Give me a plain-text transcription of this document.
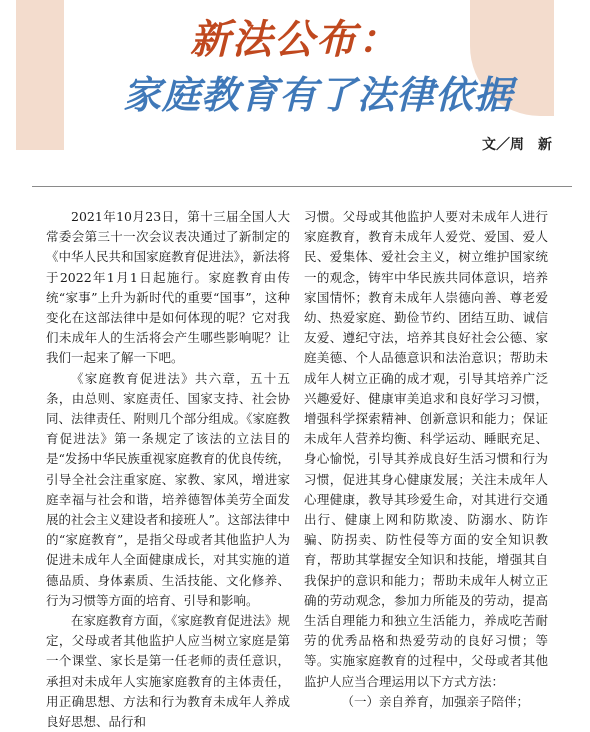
新法公布：
家庭教育有了法律依据
文／周　新

2021年10月23日，第十三届全国人大常委会第三十一次会议表决通过了新制定的《中华人民共和国家庭教育促进法》，新法将于2022年1月1日起施行。家庭教育由传统“家事”上升为新时代的重要“国事”，这种变化在这部法律中是如何体现的呢？它对我们未成年人的生活将会产生哪些影响呢？让我们一起来了解一下吧。

《家庭教育促进法》共六章，五十五条，由总则、家庭责任、国家支持、社会协同、法律责任、附则几个部分组成。《家庭教育促进法》第一条规定了该法的立法目的是“发扬中华民族重视家庭教育的优良传统，引导全社会注重家庭、家教、家风，增进家庭幸福与社会和谐，培养德智体美劳全面发展的社会主义建设者和接班人”。这部法律中的“家庭教育”，是指父母或者其他监护人为促进未成年人全面健康成长，对其实施的道德品质、身体素质、生活技能、文化修养、行为习惯等方面的培育、引导和影响。

在家庭教育方面，《家庭教育促进法》规定，父母或者其他监护人应当树立家庭是第一个课堂、家长是第一任老师的责任意识，承担对未成年人实施家庭教育的主体责任，用正确思想、方法和行为教育未成年人养成良好思想、品行和

习惯。父母或其他监护人要对未成年人进行家庭教育，教育未成年人爱党、爱国、爱人民、爱集体、爱社会主义，树立维护国家统一的观念，铸牢中华民族共同体意识，培养家国情怀；教育未成年人崇德向善、尊老爱幼、热爱家庭、勤俭节约、团结互助、诚信友爱、遵纪守法，培养其良好社会公德、家庭美德、个人品德意识和法治意识；帮助未成年人树立正确的成才观，引导其培养广泛兴趣爱好、健康审美追求和良好学习习惯，增强科学探索精神、创新意识和能力；保证未成年人营养均衡、科学运动、睡眠充足、身心愉悦，引导其养成良好生活习惯和行为习惯，促进其身心健康发展；关注未成年人心理健康，教导其珍爱生命，对其进行交通出行、健康上网和防欺凌、防溺水、防诈骗、防拐卖、防性侵等方面的安全知识教育，帮助其掌握安全知识和技能，增强其自我保护的意识和能力；帮助未成年人树立正确的劳动观念，参加力所能及的劳动，提高生活自理能力和独立生活能力，养成吃苦耐劳的优秀品格和热爱劳动的良好习惯；等等。实施家庭教育的过程中，父母或者其他监护人应当合理运用以下方式方法：

（一）亲自养育，加强亲子陪伴；
